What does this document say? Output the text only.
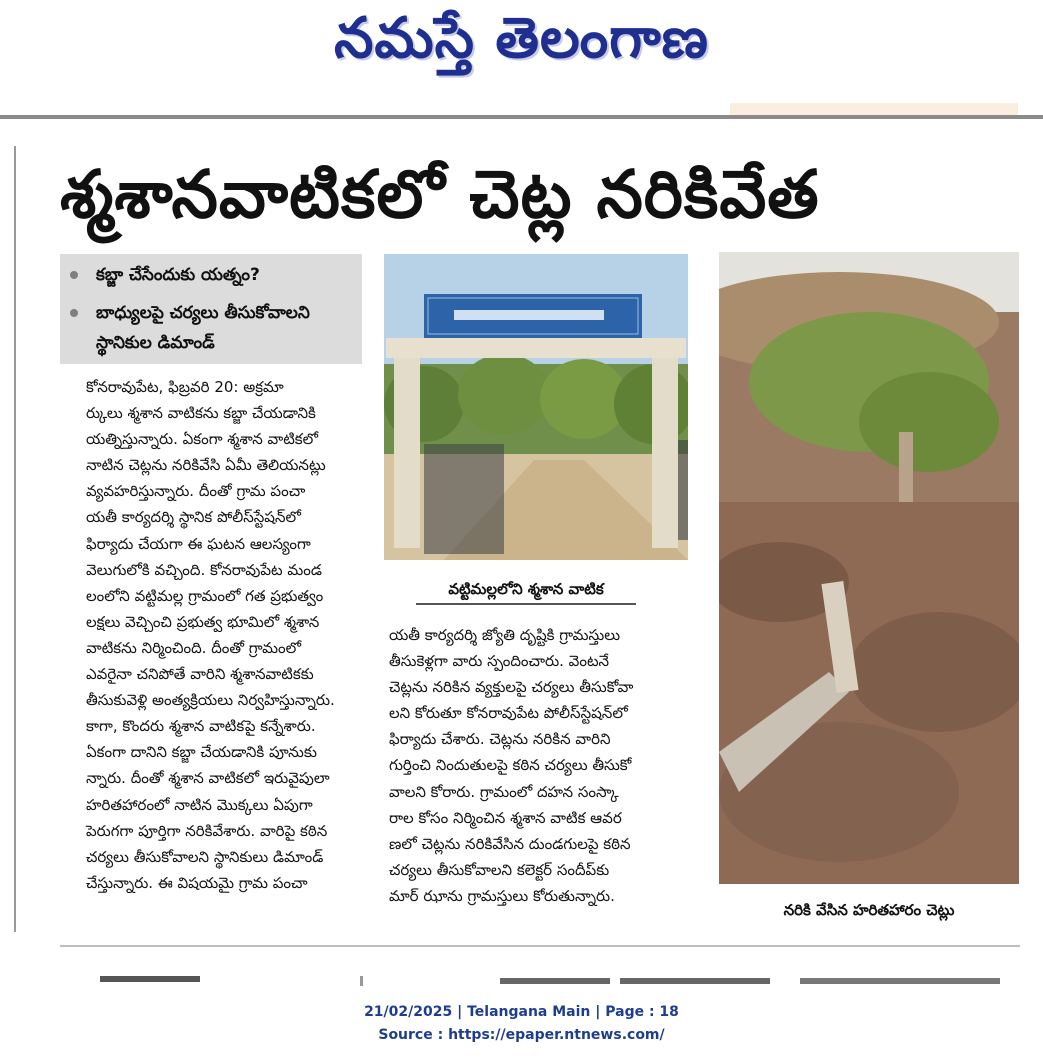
నమస్తే తెలంగాణ
శ్మశానవాటికలో చెట్ల నరికివేత
కబ్జా చేసేందుకు యత్నం?
బాధ్యులపై చర్యలు తీసుకోవాలని
స్థానికుల డిమాండ్

కోనరావుపేట, ఫిబ్రవరి 20: అక్రమా

ర్కులు శ్మశాన వాటికను కబ్జా చేయడానికి

యత్నిస్తున్నారు. ఏకంగా శ్మశాన వాటికలో

నాటిన చెట్లను నరికివేసి ఏమీ తెలియనట్లు

వ్యవహరిస్తున్నారు. దీంతో గ్రామ పంచా

యతీ కార్యదర్శి స్థానిక పోలీస్‌స్టేషన్‌లో

ఫిర్యాదు చేయగా ఈ ఘటన ఆలస్యంగా

వెలుగులోకి వచ్చింది. కోనరావుపేట మండ

లంలోని వట్టిమల్ల గ్రామంలో గత ప్రభుత్వం

లక్షలు వెచ్చించి ప్రభుత్వ భూమిలో శ్మశాన

వాటికను నిర్మించింది. దీంతో గ్రామంలో

ఎవరైనా చనిపోతే వారిని శ్మశానవాటికకు

తీసుకువెళ్లి అంత్యక్రియలు నిర్వహిస్తున్నారు.

కాగా, కొందరు శ్మశాన వాటికపై కన్నేశారు.

ఏకంగా దానిని కబ్జా చేయడానికి పూనుకు

న్నారు. దీంతో శ్మశాన వాటికలో ఇరువైపులా

హరితహారంలో నాటిన మొక్కలు ఏపుగా

పెరుగగా పూర్తిగా నరికివేశారు. వారిపై కఠిన

చర్యలు తీసుకోవాలని స్థానికులు డిమాండ్

చేస్తున్నారు. ఈ విషయమై గ్రామ పంచా

వట్టిమల్లలోని శ్మశాన వాటిక

యతీ కార్యదర్శి జ్యోతి దృష్టికి గ్రామస్తులు

తీసుకెళ్లగా వారు స్పందించారు. వెంటనే

చెట్లను నరికిన వ్యక్తులపై చర్యలు తీసుకోవా

లని కోరుతూ కోనరావుపేట పోలీస్‌స్టేషన్‌లో

ఫిర్యాదు చేశారు. చెట్లను నరికిన వారిని

గుర్తించి నిందుతులపై కఠిన చర్యలు తీసుకో

వాలని కోరారు. గ్రామంలో దహన సంస్కా

రాల కోసం నిర్మించిన శ్మశాన వాటిక ఆవర

ణలో చెట్లను నరికివేసిన దుండగులపై కఠిన

చర్యలు తీసుకోవాలని కలెక్టర్ సందీప్‌కు

మార్ ఝాను గ్రామస్తులు కోరుతున్నారు.

నరికి వేసిన హరితహారం చెట్లు
21/02/2025 | Telangana Main | Page : 18
Source : https://epaper.ntnews.com/
